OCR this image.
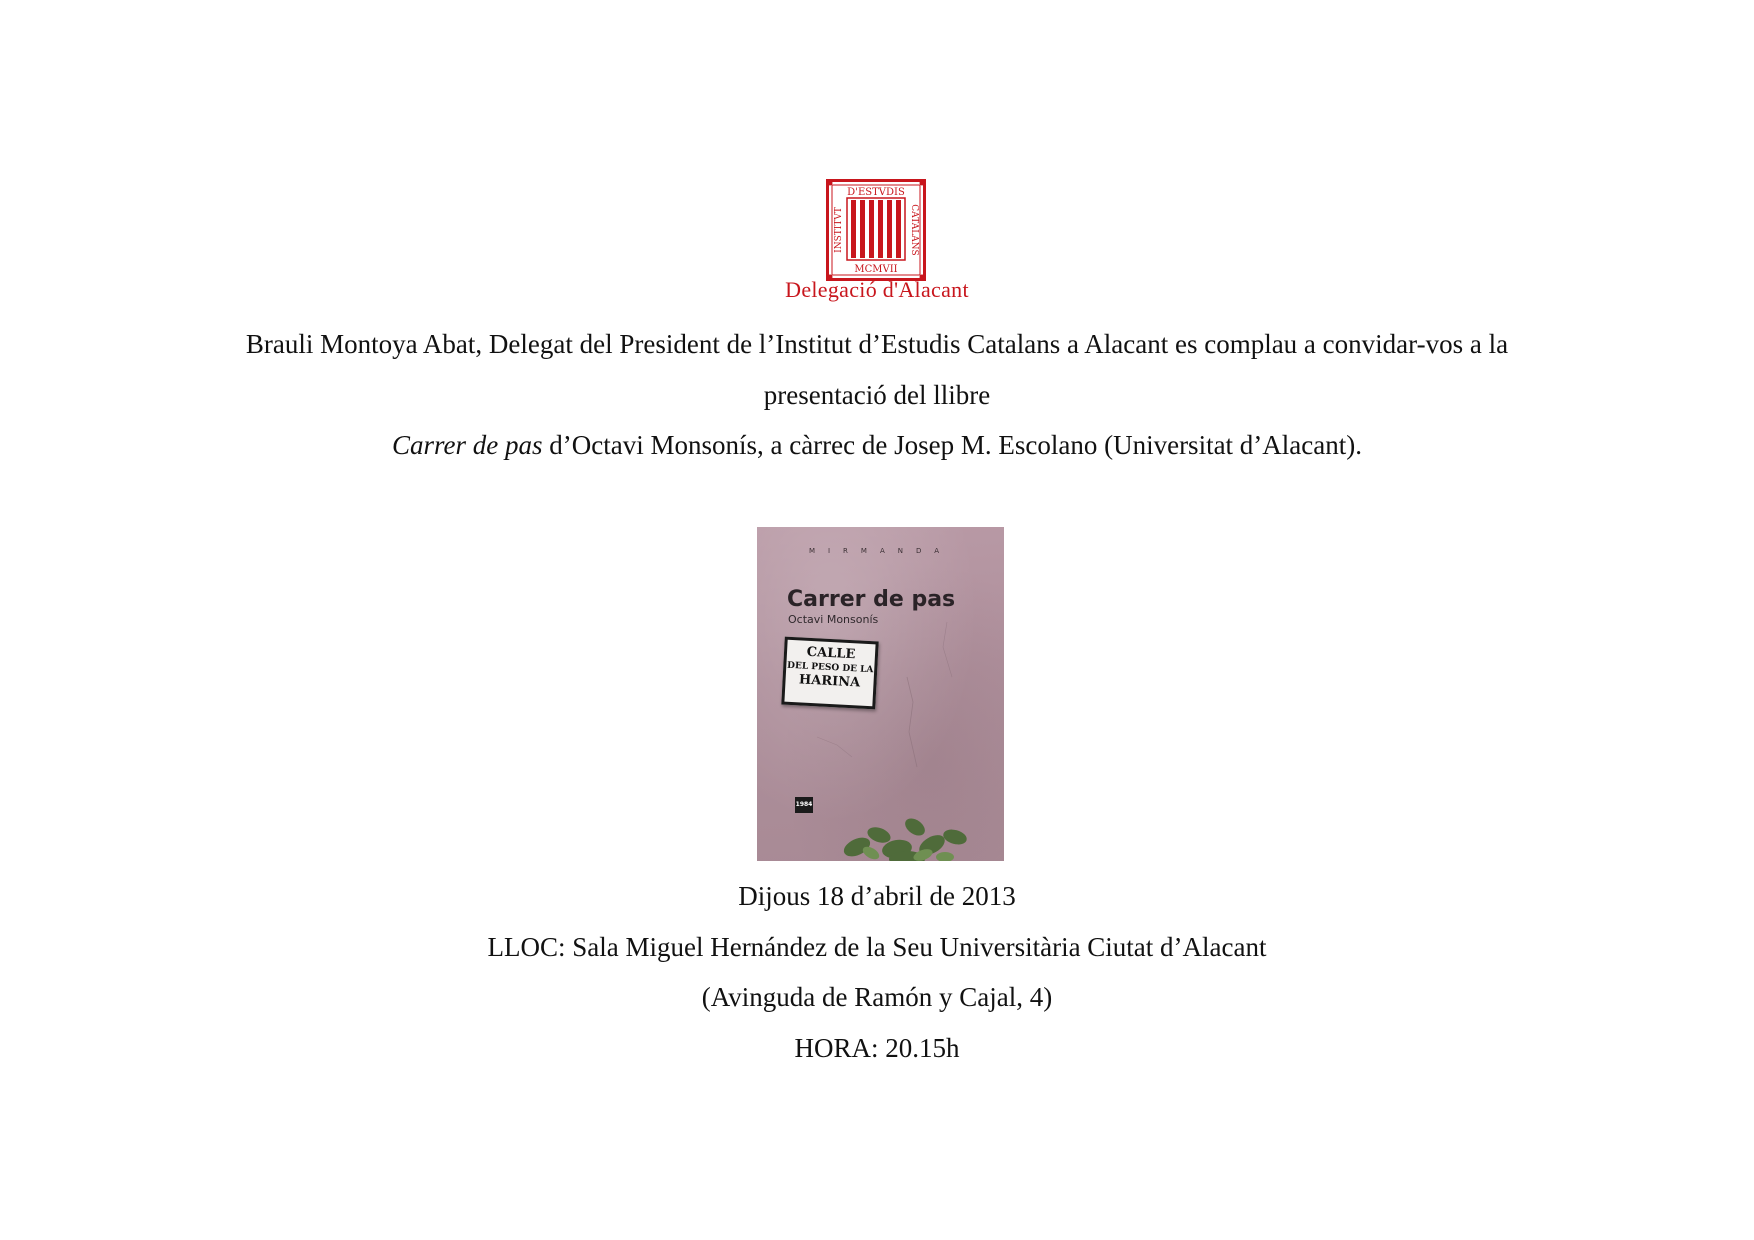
D'ESTVDIS
MCMVII
INSTITVT	CATALANS
Delegació d'Alacant
Brauli Montoya Abat, Delegat del President de l’Institut d’Estudis Catalans a Alacant es complau a convidar-vos a la
presentació del llibre
Carrer de pas d’Octavi Monsonís, a càrrec de Josep M. Escolano (Universitat d’Alacant).
MIRMANDA
Carrer de pas
Octavi Monsonís
CALLE
DEL PESO DE LA
HARINA
1984
Dijous 18 d’abril de 2013
LLOC: Sala Miguel Hernández de la Seu Universitària Ciutat d’Alacant
(Avinguda de Ramón y Cajal, 4)
HORA: 20.15h
